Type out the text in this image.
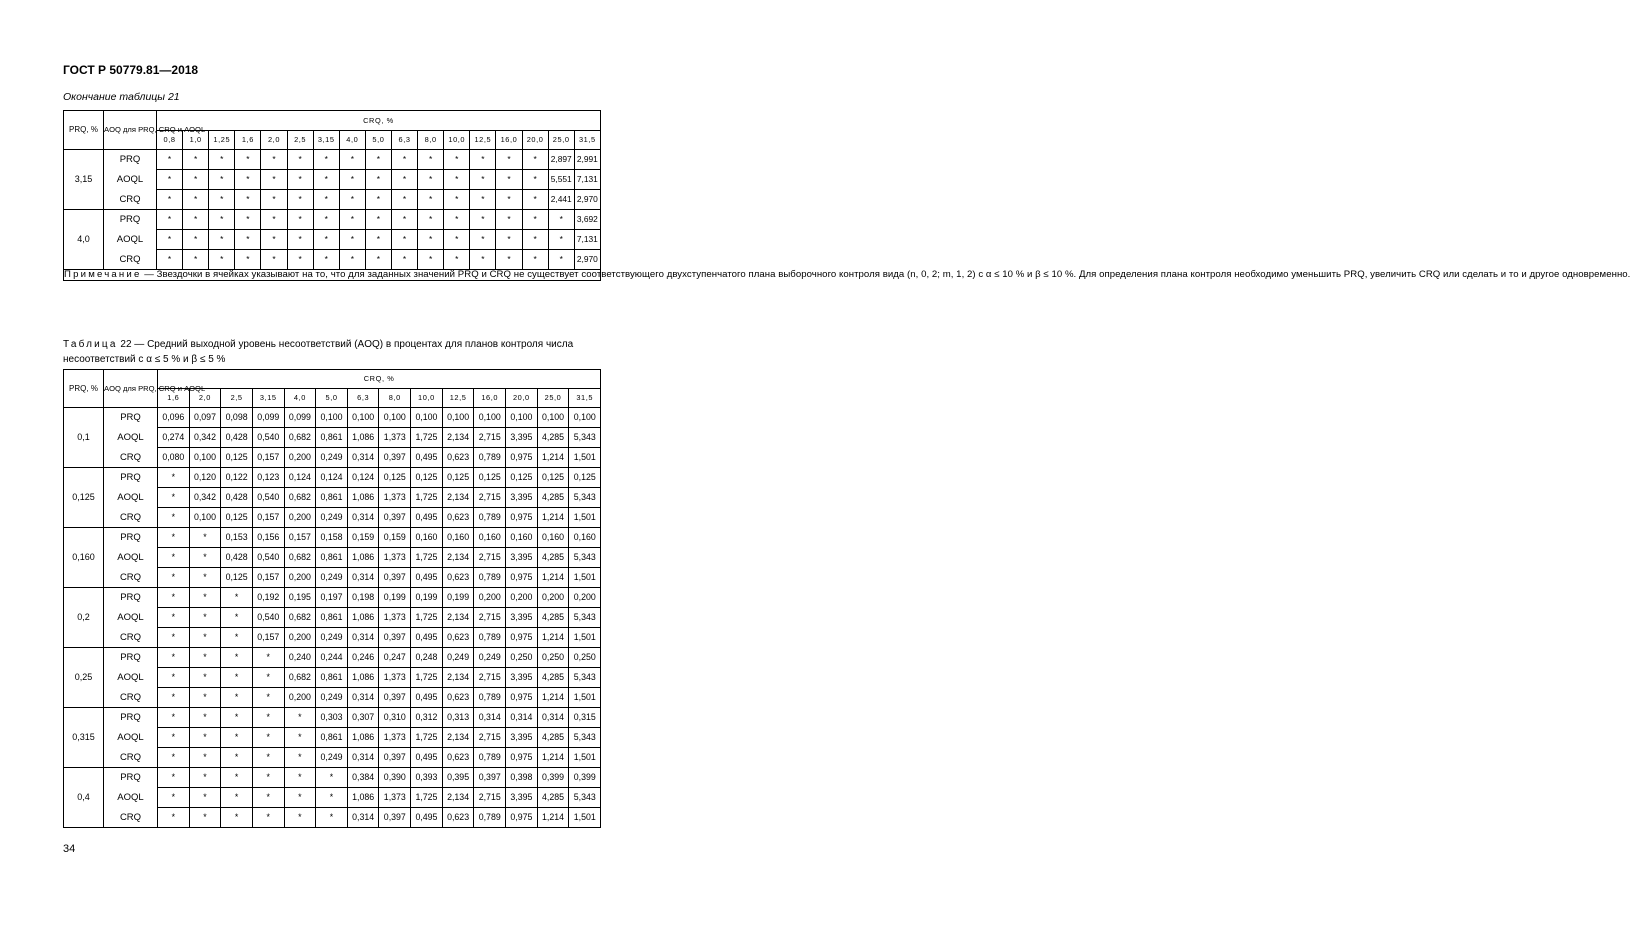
ГОСТ Р 50779.81—2018
Окончание таблицы 21
PRQ, %	AOQ для PRQ, CRQ и AOQL	CRQ, %																
		0,8	1,0	1,25	1,6	2,0	2,5	3,15	4,0	5,0	6,3	8,0	10,0	12,5	16,0	20,0	25,0	31,5
3,15	PRQ	*	*	*	*	*	*	*	*	*	*	*	*	*	*	*	2,897	2,991
	AOQL	*	*	*	*	*	*	*	*	*	*	*	*	*	*	*	5,551	7,131
	CRQ	*	*	*	*	*	*	*	*	*	*	*	*	*	*	*	2,441	2,970
4,0	PRQ	*	*	*	*	*	*	*	*	*	*	*	*	*	*	*	*	3,692
	AOQL	*	*	*	*	*	*	*	*	*	*	*	*	*	*	*	*	7,131
	CRQ	*	*	*	*	*	*	*	*	*	*	*	*	*	*	*	*	2,970
Примечание — Звездочки в ячейках указывают на то, что для заданных значений PRQ и CRQ не существует соответствующего двухступенчатого плана выборочного контроля вида (n, 0, 2; m, 1, 2) с α ≤ 10 % и β ≤ 10 %. Для определения плана контроля необходимо уменьшить PRQ, увеличить CRQ или сделать и то и другое одновременно.																		
Таблица 22 — Средний выходной уровень несоответствий (AOQ) в процентах для планов контроля числа несоответствий с α ≤ 5 % и β ≤ 5 %
PRQ, %	AOQ для PRQ, CRQ и AOQL	CRQ, %													
		1,6	2,0	2,5	3,15	4,0	5,0	6,3	8,0	10,0	12,5	16,0	20,0	25,0	31,5
0,1	PRQ	0,096	0,097	0,098	0,099	0,099	0,100	0,100	0,100	0,100	0,100	0,100	0,100	0,100	0,100
	AOQL	0,274	0,342	0,428	0,540	0,682	0,861	1,086	1,373	1,725	2,134	2,715	3,395	4,285	5,343
	CRQ	0,080	0,100	0,125	0,157	0,200	0,249	0,314	0,397	0,495	0,623	0,789	0,975	1,214	1,501
0,125	PRQ	*	0,120	0,122	0,123	0,124	0,124	0,124	0,125	0,125	0,125	0,125	0,125	0,125	0,125
	AOQL	*	0,342	0,428	0,540	0,682	0,861	1,086	1,373	1,725	2,134	2,715	3,395	4,285	5,343
	CRQ	*	0,100	0,125	0,157	0,200	0,249	0,314	0,397	0,495	0,623	0,789	0,975	1,214	1,501
0,160	PRQ	*	*	0,153	0,156	0,157	0,158	0,159	0,159	0,160	0,160	0,160	0,160	0,160	0,160
	AOQL	*	*	0,428	0,540	0,682	0,861	1,086	1,373	1,725	2,134	2,715	3,395	4,285	5,343
	CRQ	*	*	0,125	0,157	0,200	0,249	0,314	0,397	0,495	0,623	0,789	0,975	1,214	1,501
0,2	PRQ	*	*	*	0,192	0,195	0,197	0,198	0,199	0,199	0,199	0,200	0,200	0,200	0,200
	AOQL	*	*	*	0,540	0,682	0,861	1,086	1,373	1,725	2,134	2,715	3,395	4,285	5,343
	CRQ	*	*	*	0,157	0,200	0,249	0,314	0,397	0,495	0,623	0,789	0,975	1,214	1,501
0,25	PRQ	*	*	*	*	0,240	0,244	0,246	0,247	0,248	0,249	0,249	0,250	0,250	0,250
	AOQL	*	*	*	*	0,682	0,861	1,086	1,373	1,725	2,134	2,715	3,395	4,285	5,343
	CRQ	*	*	*	*	0,200	0,249	0,314	0,397	0,495	0,623	0,789	0,975	1,214	1,501
0,315	PRQ	*	*	*	*	*	0,303	0,307	0,310	0,312	0,313	0,314	0,314	0,314	0,315
	AOQL	*	*	*	*	*	0,861	1,086	1,373	1,725	2,134	2,715	3,395	4,285	5,343
	CRQ	*	*	*	*	*	0,249	0,314	0,397	0,495	0,623	0,789	0,975	1,214	1,501
0,4	PRQ	*	*	*	*	*	*	0,384	0,390	0,393	0,395	0,397	0,398	0,399	0,399
	AOQL	*	*	*	*	*	*	1,086	1,373	1,725	2,134	2,715	3,395	4,285	5,343
	CRQ	*	*	*	*	*	*	0,314	0,397	0,495	0,623	0,789	0,975	1,214	1,501
34
